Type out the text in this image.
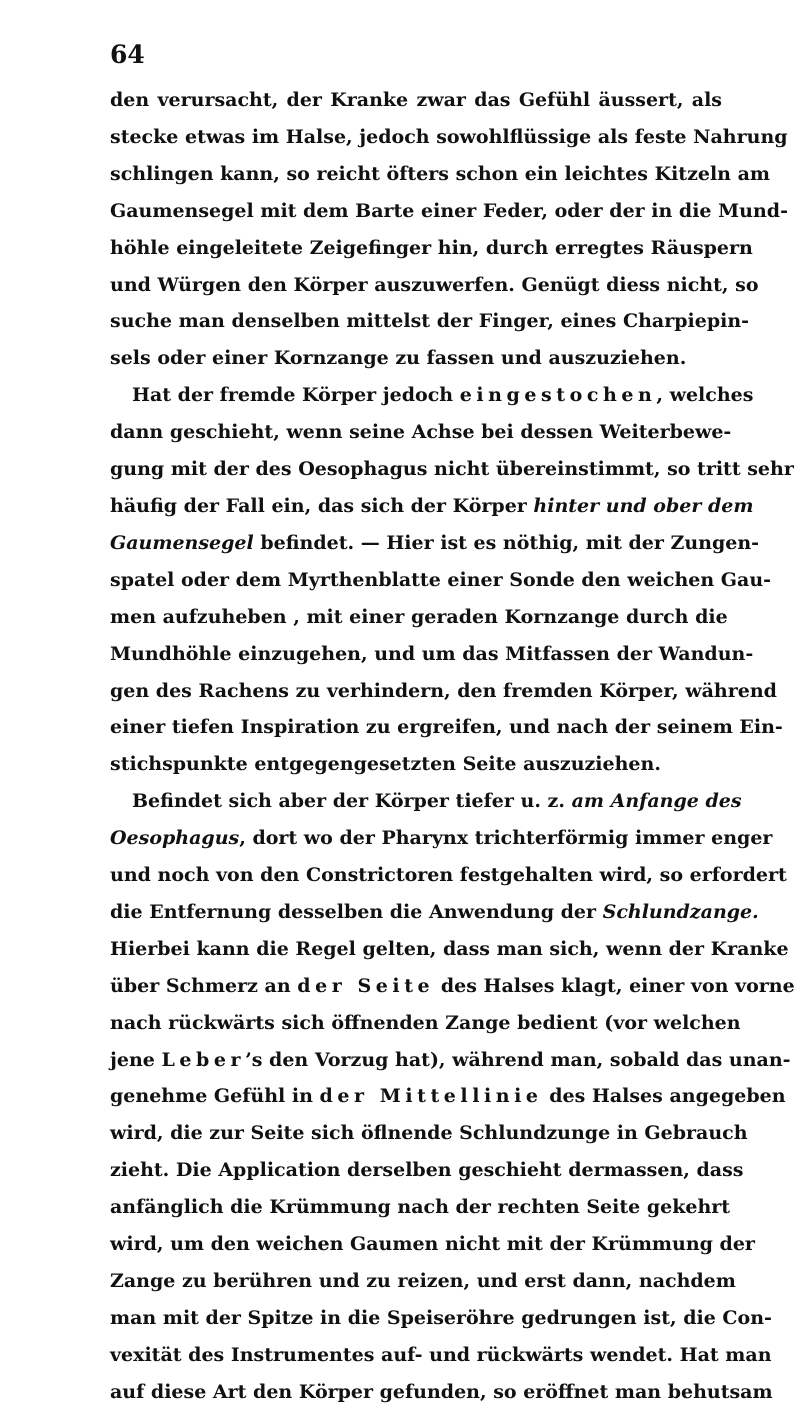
64
den verursacht, der Kranke zwar das Gefühl äussert, als
stecke etwas im Halse, jedoch sowohlflüssige als feste Nahrung
schlingen kann, so reicht öfters schon ein leichtes Kitzeln am
Gaumensegel mit dem Barte einer Feder, oder der in die Mund-
höhle eingeleitete Zeigefinger hin, durch erregtes Räuspern
und Würgen den Körper auszuwerfen. Genügt diess nicht, so
suche man denselben mittelst der Finger, eines Charpiepin-
sels oder einer Kornzange zu fassen und auszuziehen.
Hat der fremde Körper jedoch eingestochen, welches
dann geschieht, wenn seine Achse bei dessen Weiterbewe-
gung mit der des Oesophagus nicht übereinstimmt, so tritt sehr
häufig der Fall ein, das sich der Körper hinter und ober dem
Gaumensegel befindet. — Hier ist es nöthig, mit der Zungen-
spatel oder dem Myrthenblatte einer Sonde den weichen Gau-
men aufzuheben , mit einer geraden Kornzange durch die
Mundhöhle einzugehen, und um das Mitfassen der Wandun-
gen des Rachens zu verhindern, den fremden Körper, während
einer tiefen Inspiration zu ergreifen, und nach der seinem Ein-
stichspunkte entgegengesetzten Seite auszuziehen.
Befindet sich aber der Körper tiefer u. z. am Anfange des
Oesophagus, dort wo der Pharynx trichterförmig immer enger
und noch von den Constrictoren festgehalten wird, so erfordert
die Entfernung desselben die Anwendung der Schlundzange.
Hierbei kann die Regel gelten, dass man sich, wenn der Kranke
über Schmerz an der Seite des Halses klagt, einer von vorne
nach rückwärts sich öffnenden Zange bedient (vor welchen
jene Leber’s den Vorzug hat), während man, sobald das unan-
genehme Gefühl in der Mittellinie des Halses angegeben
wird, die zur Seite sich öflnende Schlundzunge in Gebrauch
zieht. Die Application derselben geschieht dermassen, dass
anfänglich die Krümmung nach der rechten Seite gekehrt
wird, um den weichen Gaumen nicht mit der Krümmung der
Zange zu berühren und zu reizen, und erst dann, nachdem
man mit der Spitze in die Speiseröhre gedrungen ist, die Con-
vexität des Instrumentes auf- und rückwärts wendet. Hat man
auf diese Art den Körper gefunden, so eröffnet man behutsam
